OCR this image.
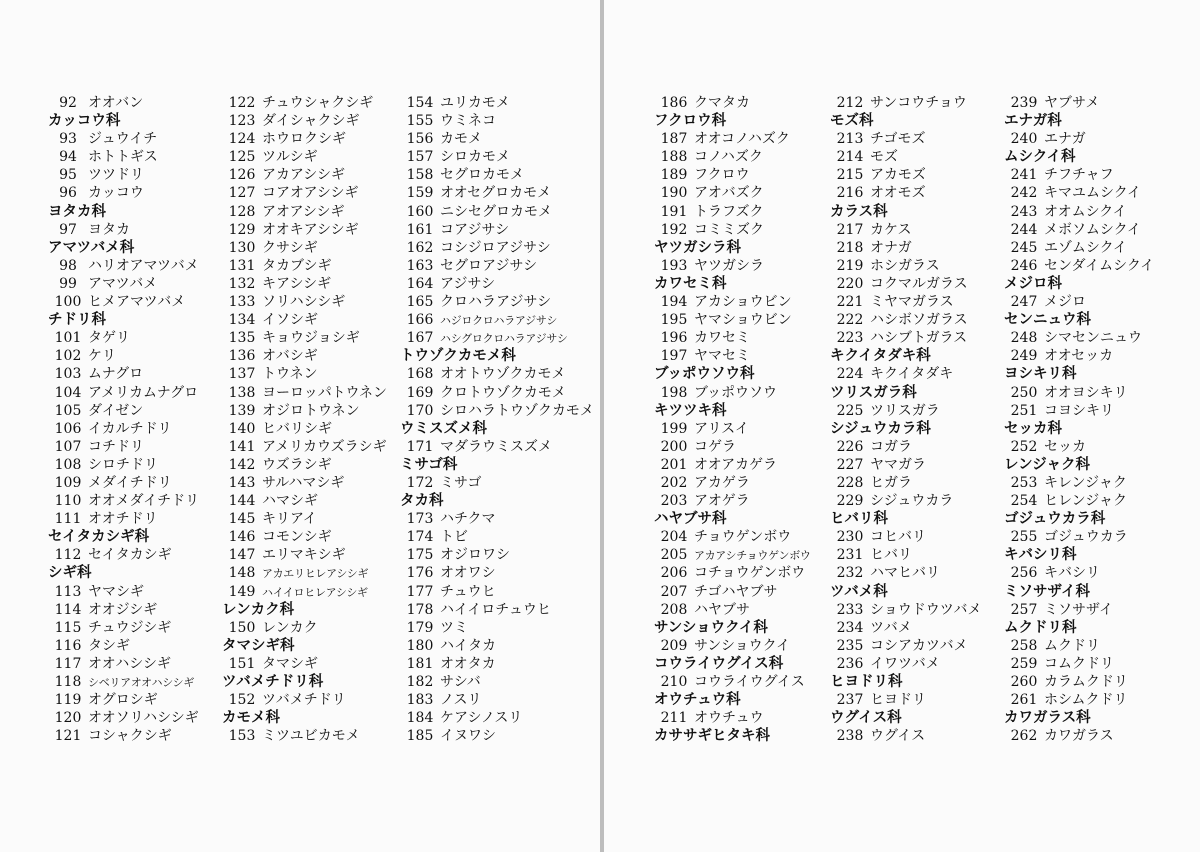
92 オオバン
カッコウ科
93 ジュウイチ
94 ホトトギス
95 ツツドリ
96 カッコウ
ヨタカ科
97 ヨタカ
アマツバメ科
98 ハリオアマツバメ
99 アマツバメ
100 ヒメアマツバメ
チドリ科
101 タゲリ
102 ケリ
103 ムナグロ
104 アメリカムナグロ
105 ダイゼン
106 イカルチドリ
107 コチドリ
108 シロチドリ
109 メダイチドリ
110 オオメダイチドリ
111 オオチドリ
セイタカシギ科
112 セイタカシギ
シギ科
113 ヤマシギ
114 オオジシギ
115 チュウジシギ
116 タシギ
117 オオハシシギ
118 シベリアオオハシシギ
119 オグロシギ
120 オオソリハシシギ
121 コシャクシギ
122 チュウシャクシギ
123 ダイシャクシギ
124 ホウロクシギ
125 ツルシギ
126 アカアシシギ
127 コアオアシシギ
128 アオアシシギ
129 オオキアシシギ
130 クサシギ
131 タカブシギ
132 キアシシギ
133 ソリハシシギ
134 イソシギ
135 キョウジョシギ
136 オバシギ
137 トウネン
138 ヨーロッパトウネン
139 オジロトウネン
140 ヒバリシギ
141 アメリカウズラシギ
142 ウズラシギ
143 サルハマシギ
144 ハマシギ
145 キリアイ
146 コモンシギ
147 エリマキシギ
148 アカエリヒレアシシギ
149 ハイイロヒレアシシギ
レンカク科
150 レンカク
タマシギ科
151 タマシギ
ツバメチドリ科
152 ツバメチドリ
カモメ科
153 ミツユビカモメ
154 ユリカモメ
155 ウミネコ
156 カモメ
157 シロカモメ
158 セグロカモメ
159 オオセグロカモメ
160 ニシセグロカモメ
161 コアジサシ
162 コシジロアジサシ
163 セグロアジサシ
164 アジサシ
165 クロハラアジサシ
166 ハジロクロハラアジサシ
167 ハシグロクロハラアジサシ
トウゾクカモメ科
168 オオトウゾクカモメ
169 クロトウゾクカモメ
170 シロハラトウゾクカモメ
ウミスズメ科
171 マダラウミスズメ
ミサゴ科
172 ミサゴ
タカ科
173 ハチクマ
174 トビ
175 オジロワシ
176 オオワシ
177 チュウヒ
178 ハイイロチュウヒ
179 ツミ
180 ハイタカ
181 オオタカ
182 サシバ
183 ノスリ
184 ケアシノスリ
185 イヌワシ
186 クマタカ
フクロウ科
187 オオコノハズク
188 コノハズク
189 フクロウ
190 アオバズク
191 トラフズク
192 コミミズク
ヤツガシラ科
193 ヤツガシラ
カワセミ科
194 アカショウビン
195 ヤマショウビン
196 カワセミ
197 ヤマセミ
ブッポウソウ科
198 ブッポウソウ
キツツキ科
199 アリスイ
200 コゲラ
201 オオアカゲラ
202 アカゲラ
203 アオゲラ
ハヤブサ科
204 チョウゲンボウ
205 アカアシチョウゲンボウ
206 コチョウゲンボウ
207 チゴハヤブサ
208 ハヤブサ
サンショウクイ科
209 サンショウクイ
コウライウグイス科
210 コウライウグイス
オウチュウ科
211 オウチュウ
カササギヒタキ科
212 サンコウチョウ
モズ科
213 チゴモズ
214 モズ
215 アカモズ
216 オオモズ
カラス科
217 カケス
218 オナガ
219 ホシガラス
220 コクマルガラス
221 ミヤマガラス
222 ハシボソガラス
223 ハシブトガラス
キクイタダキ科
224 キクイタダキ
ツリスガラ科
225 ツリスガラ
シジュウカラ科
226 コガラ
227 ヤマガラ
228 ヒガラ
229 シジュウカラ
ヒバリ科
230 コヒバリ
231 ヒバリ
232 ハマヒバリ
ツバメ科
233 ショウドウツバメ
234 ツバメ
235 コシアカツバメ
236 イワツバメ
ヒヨドリ科
237 ヒヨドリ
ウグイス科
238 ウグイス
239 ヤブサメ
エナガ科
240 エナガ
ムシクイ科
241 チフチャフ
242 キマユムシクイ
243 オオムシクイ
244 メボソムシクイ
245 エゾムシクイ
246 センダイムシクイ
メジロ科
247 メジロ
センニュウ科
248 シマセンニュウ
249 オオセッカ
ヨシキリ科
250 オオヨシキリ
251 コヨシキリ
セッカ科
252 セッカ
レンジャク科
253 キレンジャク
254 ヒレンジャク
ゴジュウカラ科
255 ゴジュウカラ
キバシリ科
256 キバシリ
ミソサザイ科
257 ミソサザイ
ムクドリ科
258 ムクドリ
259 コムクドリ
260 カラムクドリ
261 ホシムクドリ
カワガラス科
262 カワガラス
